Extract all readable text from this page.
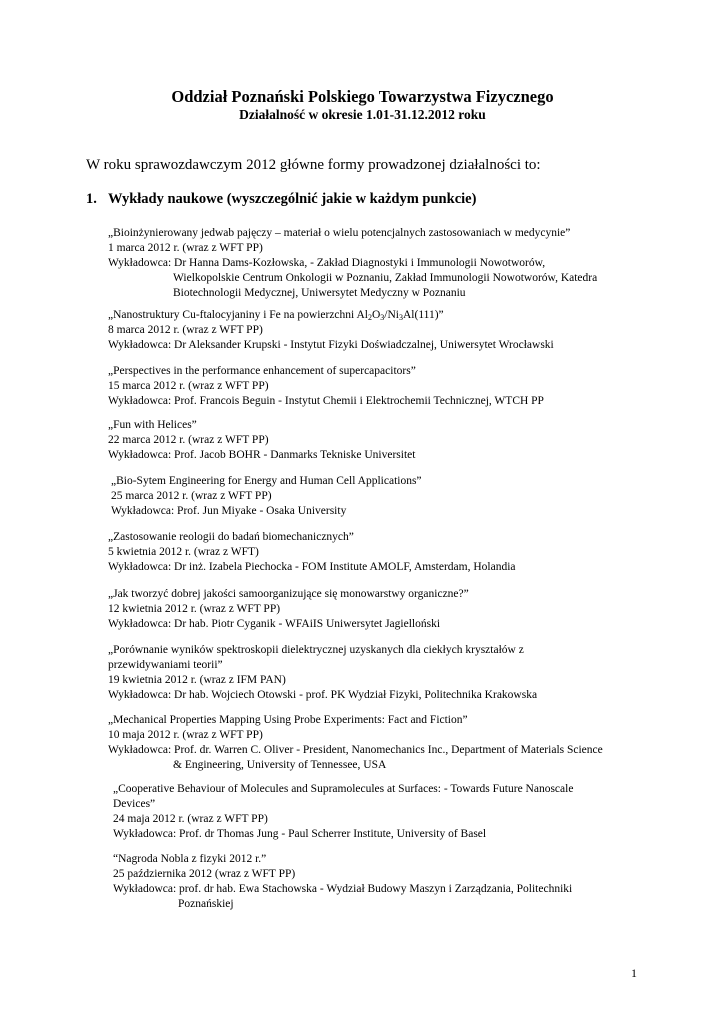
Oddział Poznański Polskiego Towarzystwa Fizycznego
Działalność w okresie 1.01-31.12.2012 roku
W roku sprawozdawczym 2012 główne formy prowadzonej działalności to:
1. Wykłady naukowe (wyszczególnić jakie w każdym punkcie)
„Bioinżynierowany jedwab pajęczy – materiał o wielu potencjalnych zastosowaniach w medycynie”
1 marca 2012 r. (wraz z WFT PP)
Wykładowca: Dr Hanna Dams-Kozłowska, - Zakład Diagnostyki i Immunologii Nowotworów,
Wielkopolskie Centrum Onkologii w Poznaniu, Zakład Immunologii Nowotworów, Katedra
Biotechnologii Medycznej, Uniwersytet Medyczny w Poznaniu
„Nanostruktury Cu-ftalocyjaniny i Fe na powierzchni $Al_2O_3/Ni_3Al(111)$”
8 marca 2012 r. (wraz z WFT PP)
Wykładowca: Dr Aleksander Krupski - Instytut Fizyki Doświadczalnej, Uniwersytet Wrocławski
„Perspectives in the performance enhancement of supercapacitors”
15 marca 2012 r. (wraz z WFT PP)
Wykładowca: Prof. Francois Beguin - Instytut Chemii i Elektrochemii Technicznej, WTCH PP
„Fun with Helices”
22 marca 2012 r. (wraz z WFT PP)
Wykładowca: Prof. Jacob BOHR - Danmarks Tekniske Universitet
„Bio-Sytem Engineering for Energy and Human Cell Applications”
25 marca 2012 r. (wraz z WFT PP)
Wykładowca: Prof. Jun Miyake - Osaka University
„Zastosowanie reologii do badań biomechanicznych”
5 kwietnia 2012 r. (wraz z WFT)
Wykładowca: Dr inż. Izabela Piechocka - FOM Institute AMOLF, Amsterdam, Holandia
„Jak tworzyć dobrej jakości samoorganizujące się monowarstwy organiczne?”
12 kwietnia 2012 r. (wraz z WFT PP)
Wykładowca: Dr hab. Piotr Cyganik - WFAiIS Uniwersytet Jagielloński
„Porównanie wyników spektroskopii dielektrycznej uzyskanych dla ciekłych kryształów z
przewidywaniami teorii”
19 kwietnia 2012 r. (wraz z IFM PAN)
Wykładowca: Dr hab. Wojciech Otowski - prof. PK Wydział Fizyki, Politechnika Krakowska
„Mechanical Properties Mapping Using Probe Experiments: Fact and Fiction”
10 maja 2012 r. (wraz z WFT PP)
Wykładowca: Prof. dr. Warren C. Oliver - President, Nanomechanics Inc., Department of Materials Science
& Engineering, University of Tennessee, USA
„Cooperative Behaviour of Molecules and Supramolecules at Surfaces: - Towards Future Nanoscale
Devices”
24 maja 2012 r. (wraz z WFT PP)
Wykładowca: Prof. dr Thomas Jung - Paul Scherrer Institute, University of Basel
“Nagroda Nobla z fizyki 2012 r.”
25 października 2012 (wraz z WFT PP)
Wykładowca: prof. dr hab. Ewa Stachowska - Wydział Budowy Maszyn i Zarządzania, Politechniki
Poznańskiej
1
